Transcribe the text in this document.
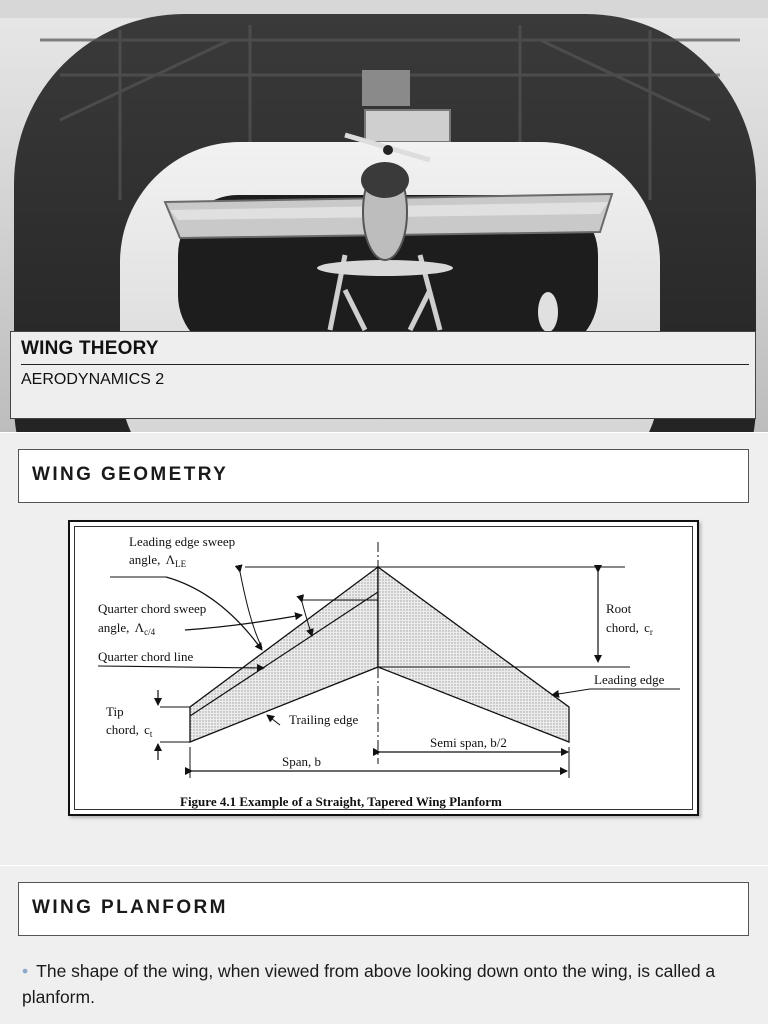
WING THEORY
AERODYNAMICS 2
WING GEOMETRY
Leading edge sweep
angle, $\Lambda_{LE}$
Quarter chord sweep
angle, $\Lambda_{c/4}$
Quarter chord line
Root
chord, $c_r$
Leading edge
Tip
chord, $c_t$
Trailing edge
Semi span, b/2
Span, b
Figure 4.1 Example of a Straight, Tapered Wing Planform
WING PLANFORM
• The shape of the wing, when viewed from above looking down onto the wing, is called a planform.
